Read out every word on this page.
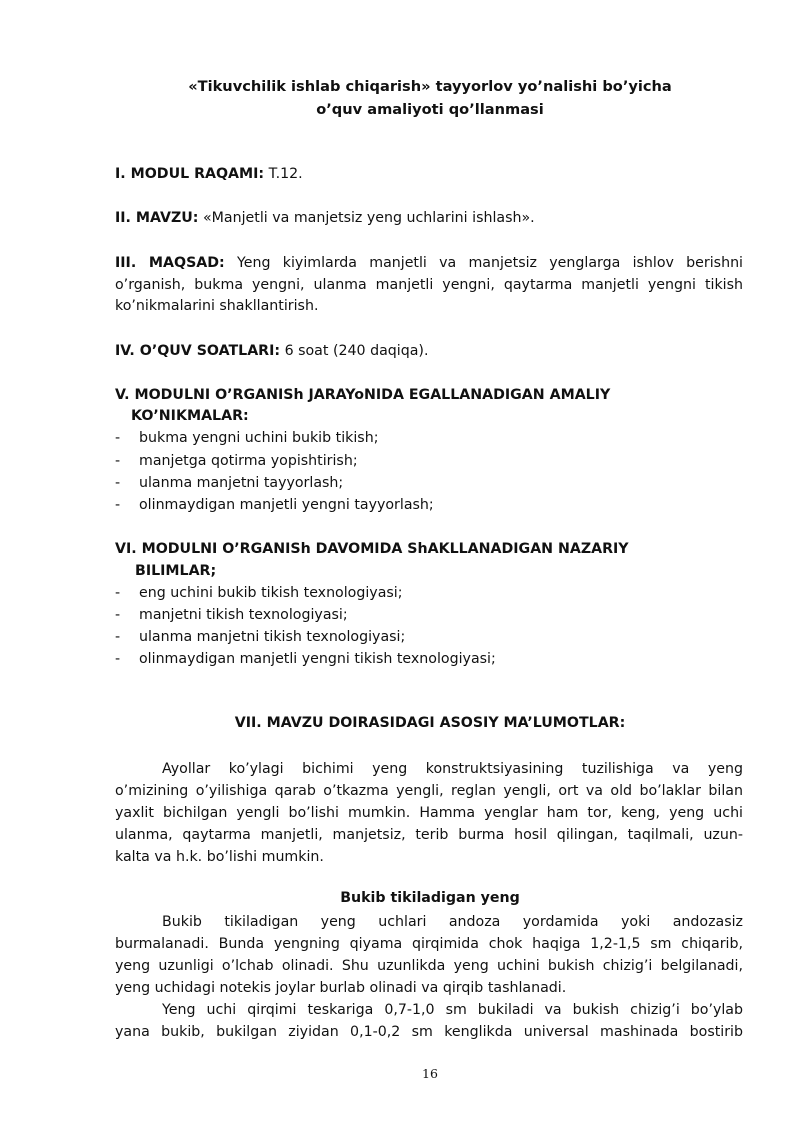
«Tikuvchilik ishlab chiqarish» tayyorlov yo’nalishi bo’yicha
o’quv amaliyoti qo’llanmasi
I. MODUL RAQAMI: T.12.
II. MAVZU: «Manjetli va manjetsiz yeng uchlarini ishlash».
III. MAQSAD: Yeng kiyimlarda manjetli va manjetsiz yenglarga ishlov berishni
o’rganish, bukma yengni, ulanma manjetli yengni, qaytarma manjetli yengni tikish
ko’nikmalarini shakllantirish.
IV. O’QUV SOATLARI: 6 soat (240 daqiqa).
V. MODULNI O’RGANISh JARAYoNIDA EGALLANADIGAN AMALIY
KO’NIKMALAR:
- bukma yengni uchini bukib tikish;
- manjetga qotirma yopishtirish;
- ulanma manjetni tayyorlash;
- olinmaydigan manjetli yengni tayyorlash;
VI. MODULNI O’RGANISh DAVOMIDA ShAKLLANADIGAN NAZARIY
BILIMLAR;
- eng uchini bukib tikish texnologiyasi;
- manjetni tikish texnologiyasi;
- ulanma manjetni tikish texnologiyasi;
- olinmaydigan manjetli yengni tikish texnologiyasi;
VII. MAVZU DOIRASIDAGI ASOSIY MA’LUMOTLAR:
Ayollar ko’ylagi bichimi yeng konstruktsiyasining tuzilishiga va yeng
o’mizining o’yilishiga qarab o’tkazma yengli, reglan yengli, ort va old bo’laklar bilan
yaxlit bichilgan yengli bo’lishi mumkin. Hamma yenglar ham tor, keng, yeng uchi
ulanma, qaytarma manjetli, manjetsiz, terib burma hosil qilingan, taqilmali, uzun-
kalta va h.k. bo’lishi mumkin.
Bukib tikiladigan yeng
Bukib tikiladigan yeng uchlari andoza yordamida yoki andozasiz
burmalanadi. Bunda yengning qiyama qirqimida chok haqiga 1,2-1,5 sm chiqarib,
yeng uzunligi o’lchab olinadi. Shu uzunlikda yeng uchini bukish chizig’i belgilanadi,
yeng uchidagi notekis joylar burlab olinadi va qirqib tashlanadi.
Yeng uchi qirqimi teskariga 0,7-1,0 sm bukiladi va bukish chizig’i bo’ylab
yana bukib, bukilgan ziyidan 0,1-0,2 sm kenglikda universal mashinada bostirib
16
